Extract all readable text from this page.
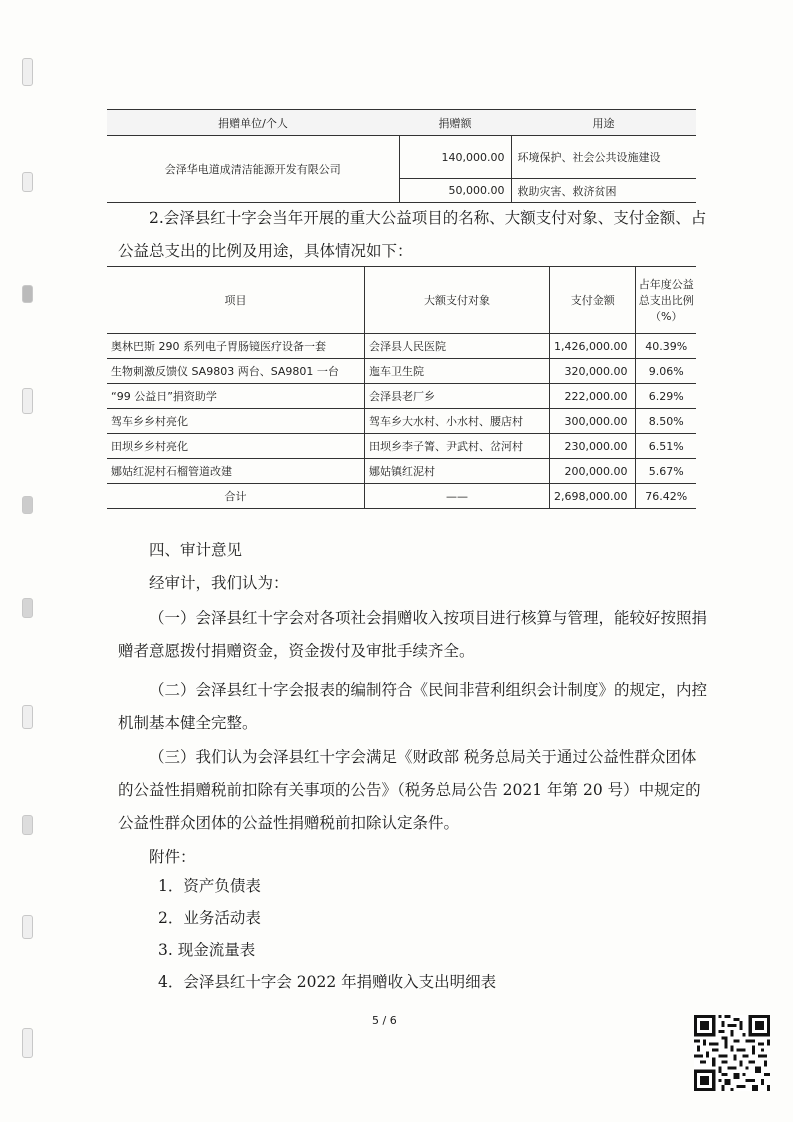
捐赠单位/个人	捐赠额	用途
会泽华电道成清洁能源开发有限公司	140,000.00	环境保护、社会公共设施建设
	50,000.00	救助灾害、救济贫困
2.会泽县红十字会当年开展的重大公益项目的名称、大额支付对象、支付金额、占公益总支出的比例及用途，具体情况如下：
项目	大额支付对象	支付金额	占年度公益总支出比例（%）
奥林巴斯 290 系列电子胃肠镜医疗设备一套	会泽县人民医院	1,426,000.00	40.39%
生物刺激反馈仪 SA9803 两台、SA9801 一台	迤车卫生院	320,000.00	9.06%
“99 公益日”捐资助学	会泽县老厂乡	222,000.00	6.29%
驾车乡乡村亮化	驾车乡大水村、小水村、腰店村	300,000.00	8.50%
田坝乡乡村亮化	田坝乡李子箐、尹武村、岔河村	230,000.00	6.51%
娜姑红泥村石榴管道改建	娜姑镇红泥村	200,000.00	5.67%
合计	——	2,698,000.00	76.42%
四、审计意见
经审计，我们认为：
（一）会泽县红十字会对各项社会捐赠收入按项目进行核算与管理，能较好按照捐赠者意愿拨付捐赠资金，资金拨付及审批手续齐全。
（二）会泽县红十字会报表的编制符合《民间非营利组织会计制度》的规定，内控机制基本健全完整。
（三）我们认为会泽县红十字会满足《财政部 税务总局关于通过公益性群众团体的公益性捐赠税前扣除有关事项的公告》（税务总局公告 2021 年第 20 号）中规定的公益性群众团体的公益性捐赠税前扣除认定条件。
附件：
1．资产负债表
2．业务活动表
3. 现金流量表
4．会泽县红十字会 2022 年捐赠收入支出明细表
5 / 6
